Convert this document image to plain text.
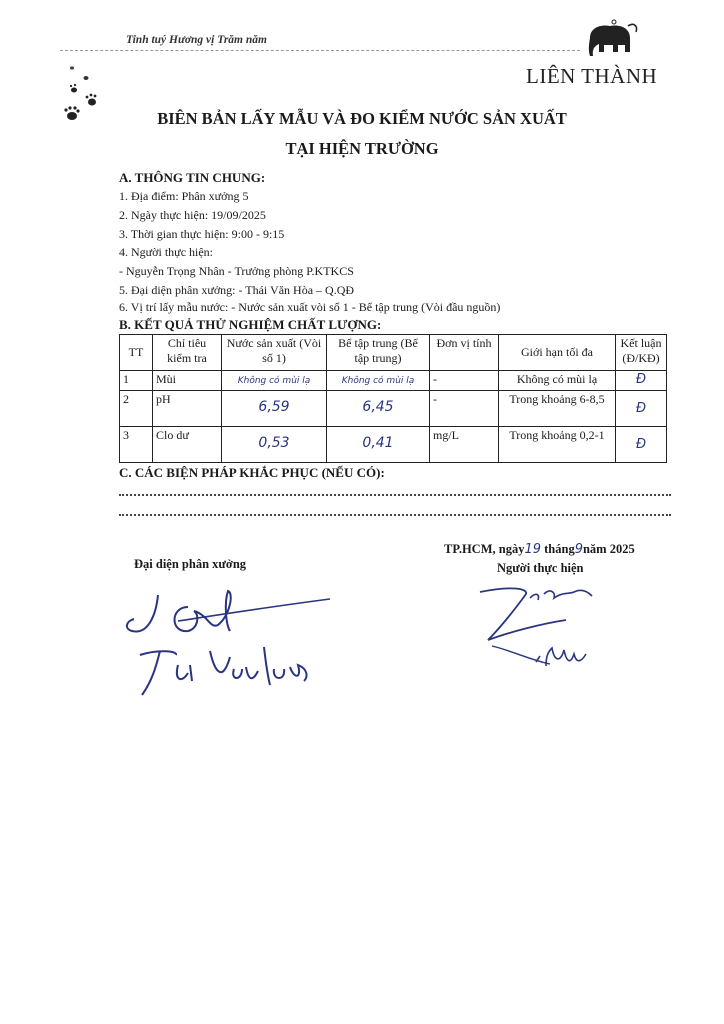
Tinh tuý Hương vị Trăm năm
LIÊN THÀNH
BIÊN BẢN LẤY MẪU VÀ ĐO KIỂM NƯỚC SẢN XUẤT
TẠI HIỆN TRƯỜNG
A. THÔNG TIN CHUNG:
1. Địa điểm: Phân xưởng 5
2. Ngày thực hiện: 19/09/2025
3. Thời gian thực hiện: 9:00 - 9:15
4. Người thực hiện:
- Nguyễn Trọng Nhân - Trưởng phòng P.KTKCS
5. Đại diện phân xưởng: - Thái Văn Hòa – Q.QĐ
6. Vị trí lấy mẫu nước: - Nước sản xuất vòi số 1 - Bể tập trung (Vòi đầu nguồn)
B. KẾT QUẢ THỬ NGHIỆM CHẤT LƯỢNG:
TT	Chỉ tiêu kiểm tra	Nước sản xuất (Vòi số 1)	Bể tập trung (Bể tập trung)	Đơn vị tính	Giới hạn tối đa	Kết luận (Đ/KĐ)
1	Mùi	Không có mùi lạ	Không có mùi lạ	-	Không có mùi lạ	Đ
2	pH	6,59	6,45	-	Trong khoảng 6-8,5	Đ
3	Clo dư	0,53	0,41	mg/L	Trong khoảng 0,2-1	Đ
C. CÁC BIỆN PHÁP KHẮC PHỤC (NẾU CÓ):
Đại diện phân xưởng
TP.HCM, ngày19 tháng9năm 2025
Người thực hiện
